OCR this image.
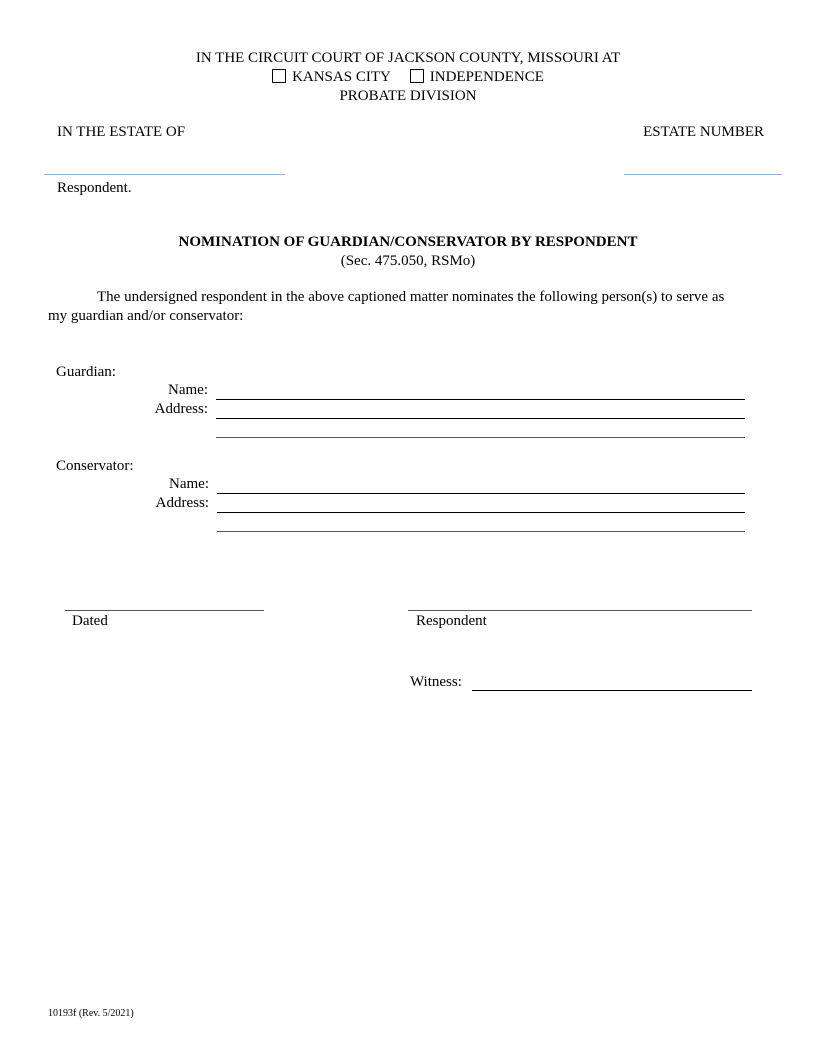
IN THE CIRCUIT COURT OF JACKSON COUNTY, MISSOURI AT
KANSAS CITY	INDEPENDENCE
PROBATE DIVISION
IN THE ESTATE OF	ESTATE NUMBER
Respondent.
NOMINATION OF GUARDIAN/CONSERVATOR BY RESPONDENT
(Sec. 475.050, RSMo)
The undersigned respondent in the above captioned matter nominates the following person(s) to serve as
my guardian and/or conservator:
Guardian:
Name:
Address:
Conservator:
Name:
Address:
Dated	Respondent
Witness:
10193f (Rev. 5/2021)
